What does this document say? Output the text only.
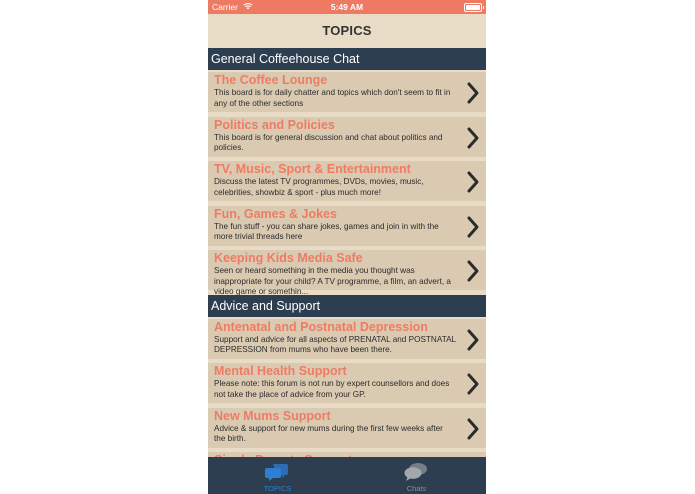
Carrier	5:49 AM
TOPICS
General Coffeehouse Chat
The Coffee Lounge
This board is for daily chatter and topics which don't seem to fit in any of the other sections
Politics and Policies
This board is for general discussion and chat about politics and policies.
TV, Music, Sport & Entertainment
Discuss the latest TV programmes, DVDs, movies, music, celebrities, showbiz & sport - plus much more!
Fun, Games & Jokes
The fun stuff - you can share jokes, games and join in with the more trivial threads here
Keeping Kids Media Safe
Seen or heard something in the media you thought was inappropriate for your child? A TV programme, a film, an advert, a video game or somethin...
Advice and Support
Antenatal and Postnatal Depression
Support and advice for all aspects of PRENATAL and POSTNATAL DEPRESSION from mums who have been there.
Mental Health Support
Please note: this forum is not run by expert counsellors and does not take the place of advice from your GP.
New Mums Support
Advice & support for new mums during the first few weeks after the birth.
TOPICS	Chats
